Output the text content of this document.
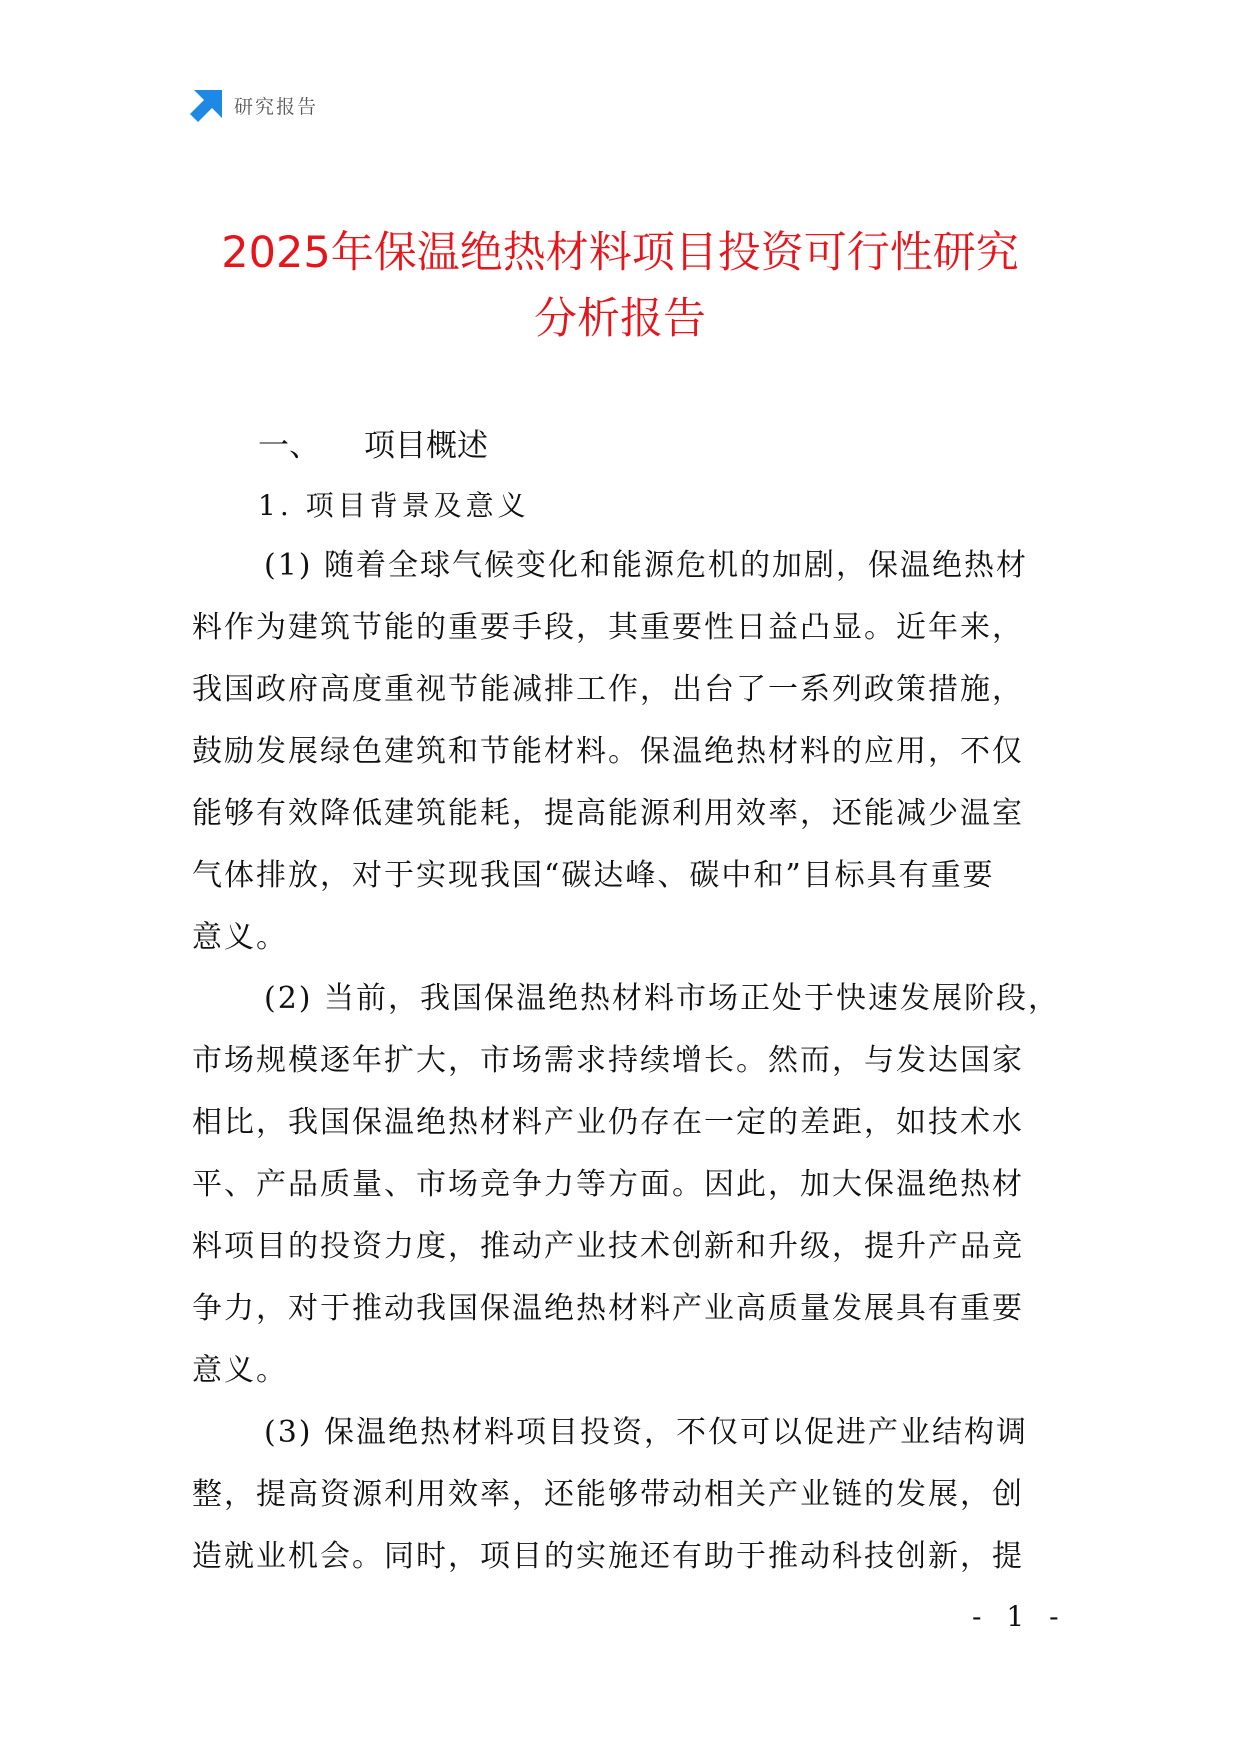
研究报告
2025年保温绝热材料项目投资可行性研究
分析报告
一、 项目概述
1. 项目背景及意义
(1) 随着全球气候变化和能源危机的加剧，保温绝热材
料作为建筑节能的重要手段，其重要性日益凸显。近年来，
我国政府高度重视节能减排工作，出台了一系列政策措施，
鼓励发展绿色建筑和节能材料。保温绝热材料的应用，不仅
能够有效降低建筑能耗，提高能源利用效率，还能减少温室
气体排放，对于实现我国“碳达峰、碳中和”目标具有重要
意义。
(2) 当前，我国保温绝热材料市场正处于快速发展阶段，
市场规模逐年扩大，市场需求持续增长。然而，与发达国家
相比，我国保温绝热材料产业仍存在一定的差距，如技术水
平、产品质量、市场竞争力等方面。因此，加大保温绝热材
料项目的投资力度，推动产业技术创新和升级，提升产品竞
争力，对于推动我国保温绝热材料产业高质量发展具有重要
意义。
(3) 保温绝热材料项目投资，不仅可以促进产业结构调
整，提高资源利用效率，还能够带动相关产业链的发展，创
造就业机会。同时，项目的实施还有助于推动科技创新，提
- 1 -
